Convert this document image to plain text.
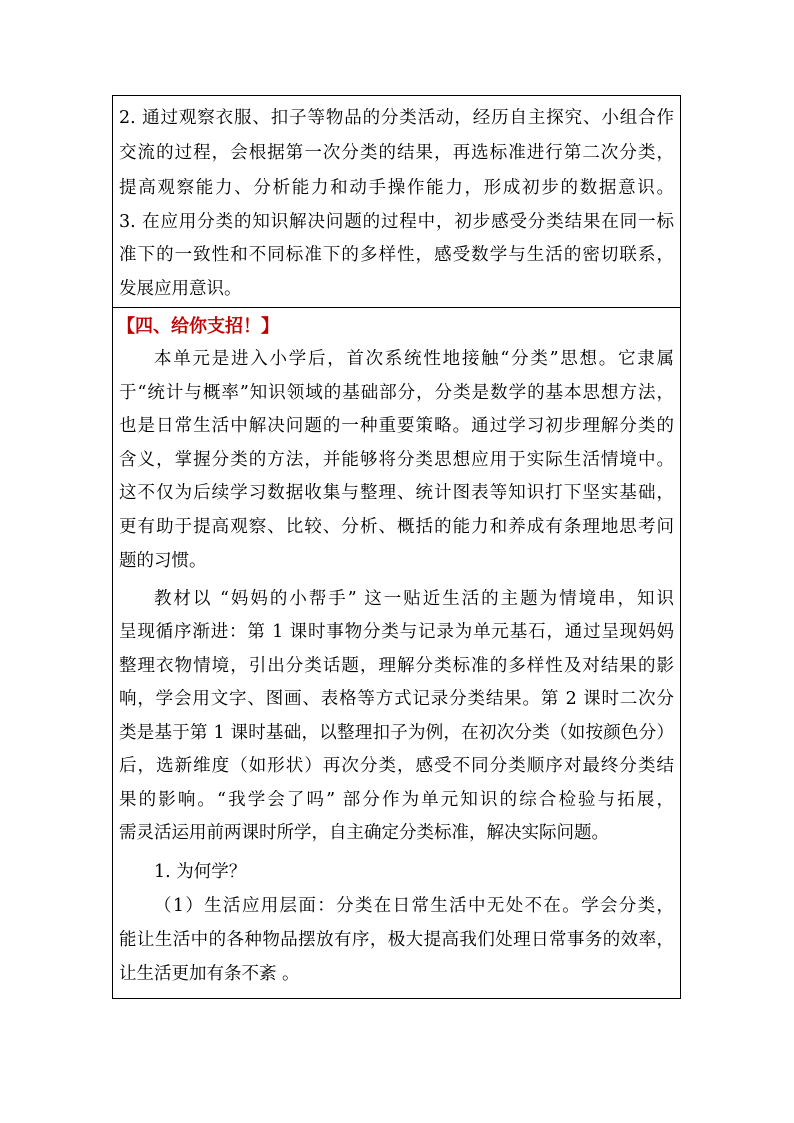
2. 通过观察衣服、扣子等物品的分类活动，经历自主探究、小组合作
交流的过程，会根据第一次分类的结果，再选标准进行第二次分类，
提高观察能力、分析能力和动手操作能力，形成初步的数据意识。
3. 在应用分类的知识解决问题的过程中，初步感受分类结果在同一标
准下的一致性和不同标准下的多样性，感受数学与生活的密切联系，
发展应用意识。
【四、给你支招！】
本单元是进入小学后，首次系统性地接触“分类”思想。它隶属
于“统计与概率”知识领域的基础部分，分类是数学的基本思想方法，
也是日常生活中解决问题的一种重要策略。通过学习初步理解分类的
含义，掌握分类的方法，并能够将分类思想应用于实际生活情境中。
这不仅为后续学习数据收集与整理、统计图表等知识打下坚实基础，
更有助于提高观察、比较、分析、概括的能力和养成有条理地思考问
题的习惯。
教材以 “妈妈的小帮手” 这一贴近生活的主题为情境串，知识
呈现循序渐进：第 1 课时事物分类与记录为单元基石，通过呈现妈妈
整理衣物情境，引出分类话题，理解分类标准的多样性及对结果的影
响，学会用文字、图画、表格等方式记录分类结果。第 2 课时二次分
类是基于第 1 课时基础，以整理扣子为例，在初次分类（如按颜色分）
后，选新维度（如形状）再次分类，感受不同分类顺序对最终分类结
果的影响。“我学会了吗” 部分作为单元知识的综合检验与拓展，
需灵活运用前两课时所学，自主确定分类标准，解决实际问题。
1. 为何学？
（1）生活应用层面：分类在日常生活中无处不在。学会分类，
能让生活中的各种物品摆放有序，极大提高我们处理日常事务的效率，
让生活更加有条不紊 。
